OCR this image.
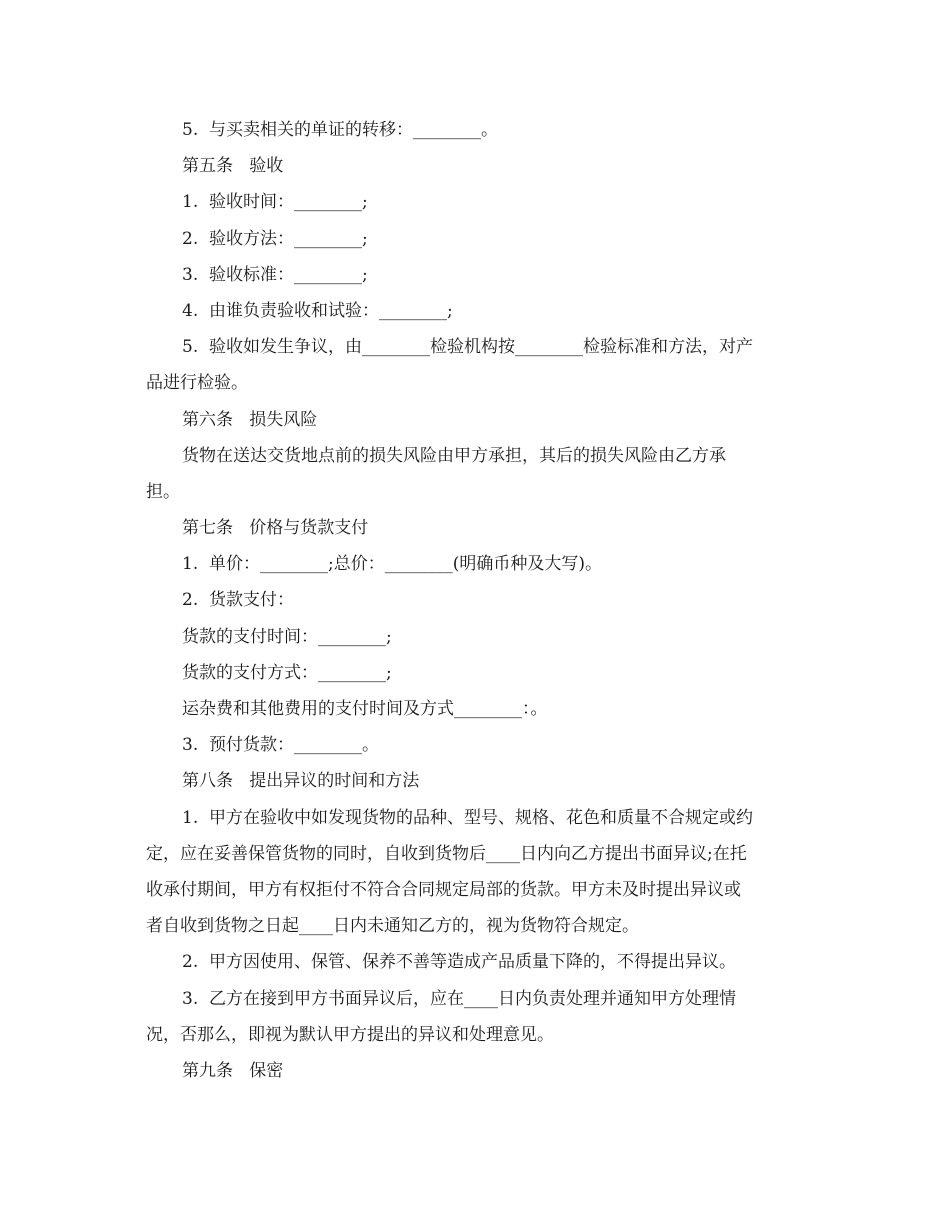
5.  与买卖相关的单证的转移：________。
第五条   验收
1.  验收时间：________;
2.  验收方法：________;
3.  验收标准：________;
4.  由谁负责验收和试验：________;
5.  验收如发生争议，由________检验机构按________检验标准和方法，对产
品进行检验。
第六条   损失风险
货物在送达交货地点前的损失风险由甲方承担，其后的损失风险由乙方承
担。
第七条   价格与货款支付
1.  单价：________;总价：________(明确币种及大写)。
2.  货款支付：
货款的支付时间：________;
货款的支付方式：________;
运杂费和其他费用的支付时间及方式________：。
3.  预付货款：________。
第八条   提出异议的时间和方法
1.  甲方在验收中如发现货物的品种、型号、规格、花色和质量不合规定或约
定，应在妥善保管货物的同时，自收到货物后____日内向乙方提出书面异议;在托
收承付期间，甲方有权拒付不符合合同规定局部的货款。甲方未及时提出异议或
者自收到货物之日起____日内未通知乙方的，视为货物符合规定。
2.  甲方因使用、保管、保养不善等造成产品质量下降的，不得提出异议。
3.  乙方在接到甲方书面异议后，应在____日内负责处理并通知甲方处理情
况，否那么，即视为默认甲方提出的异议和处理意见。
第九条   保密
